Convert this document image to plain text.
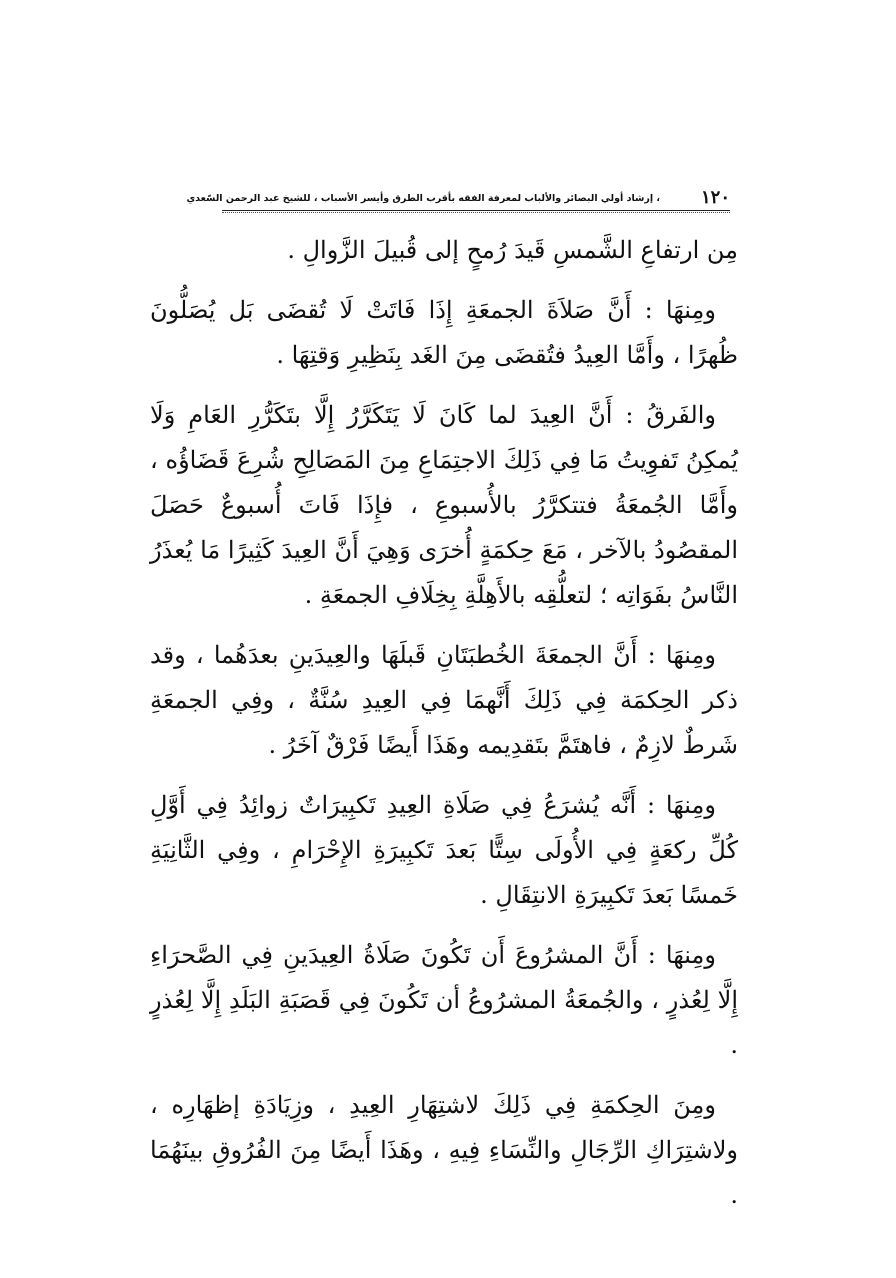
١٢٠
، إرشاد أولي البصائر والألباب لمعرفة الفقه بأقرب الطرق وأيسر الأسباب ، للشيخ عبد الرحمن السّعدي

مِن ارتفاعِ الشَّمسِ قَيدَ رُمحٍ إلى قُبيلَ الزَّوالِ .

ومِنهَا : أَنَّ صَلاَةَ الجمعَةِ إِذَا فَاتَتْ لَا تُقضَى بَل يُصَلُّونَ ظُهرًا ، وأَمَّا العِيدُ فتُقضَى مِنَ الغَد بِنَظِيرِ وَقتِهَا .

والفَرقُ : أَنَّ العِيدَ لما كَانَ لَا يَتَكَرَّرُ إِلَّا بتَكَرُّرِ العَامِ وَلَا يُمكِنُ تَفوِيتُ مَا فِي ذَلِكَ الاجتِمَاعِ مِنَ المَصَالِحِ شُرِعَ قَضَاؤُه ، وأَمَّا الجُمعَةُ فتتكرَّرُ بالأُسبوعِ ، فإِذَا فَاتَ أُسبوعٌ حَصَلَ المقصُودُ بالآخر ، مَعَ حِكمَةٍ أُخرَى وَهِيَ أَنَّ العِيدَ كَثِيرًا مَا يُعذَرُ النَّاسُ بفَوَاتِه ؛ لتعلُّقِه بالأَهِلَّةِ بِخِلَافِ الجمعَةِ .

ومِنهَا : أَنَّ الجمعَةَ الخُطبَتَانِ قَبلَهَا والعِيدَينِ بعدَهُما ، وقد ذكر الحِكمَة فِي ذَلِكَ أَنَّهمَا فِي العِيدِ سُنَّةٌ ، وفِي الجمعَةِ شَرطٌ لازِمٌ ، فاهتَمَّ بتَقدِيمه وهَذَا أَيضًا فَرْقٌ آخَرُ .

ومِنهَا : أَنَّه يُشرَعُ فِي صَلَاةِ العِيدِ تَكبِيرَاتٌ زوائِدُ فِي أَوَّلِ كُلِّ ركعَةٍ فِي الأُولَى سِتًّا بَعدَ تَكبِيرَةِ الإِحْرَامِ ، وفِي الثَّانِيَةِ خَمسًا بَعدَ تَكبِيرَةِ الانتِقَالِ .

ومِنهَا : أَنَّ المشرُوعَ أَن تَكُونَ صَلَاةُ العِيدَينِ فِي الصَّحرَاءِ إِلَّا لِعُذرٍ ، والجُمعَةُ المشرُوعُ أن تَكُونَ فِي قَصَبَةِ البَلَدِ إِلَّا لِعُذرٍ .

ومِنَ الحِكمَةِ فِي ذَلِكَ لاشتِهَارِ العِيدِ ، وزِيَادَةِ إظهَارِه ، ولاشتِرَاكِ الرِّجَالِ والنِّسَاءِ فِيهِ ، وهَذَا أَيضًا مِنَ الفُرُوقِ بينَهُمَا .
